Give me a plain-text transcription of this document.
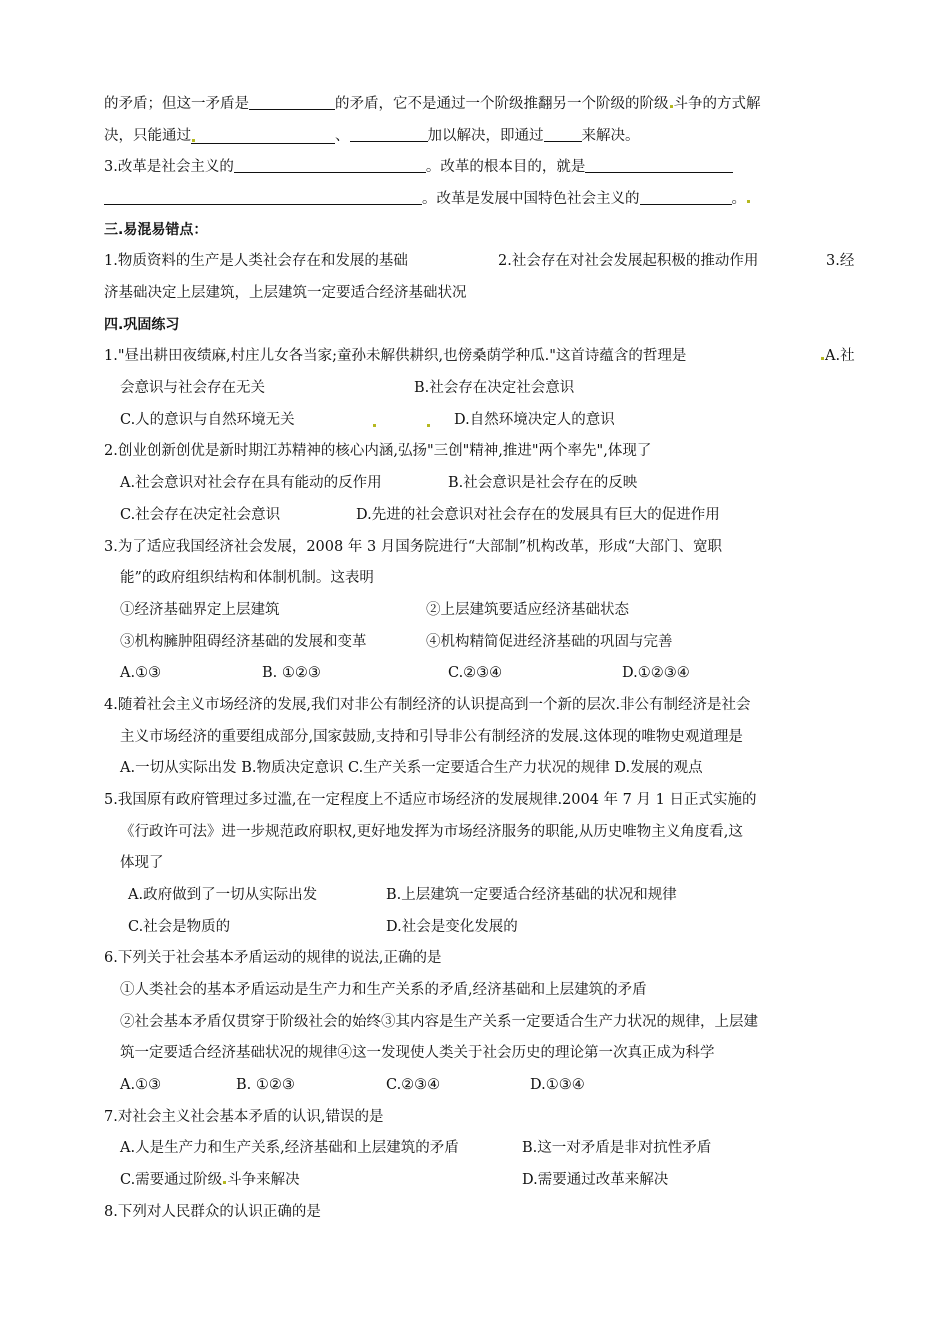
的矛盾；但这一矛盾是	的矛盾，它不是通过一个阶级推翻另一个阶级的阶级 斗争的方式解
决，只能通过	、	加以解决，即通过	来解决。
3.改革是社会主义的	。改革的根本目的，就是
。改革是发展中国特色社会主义的	。
三.易混易错点：
1.物质资料的生产是人类社会存在和发展的基础	2.社会存在对社会发展起积极的推动作用	3.经
济基础决定上层建筑，上层建筑一定要适合经济基础状况
四.巩固练习
1."昼出耕田夜绩麻,村庄儿女各当家;童孙未解供耕织,也傍桑荫学种瓜."这首诗蕴含的哲理是	A.社
会意识与社会存在无关	B.社会存在决定社会意识
C.人的意识与自然环境无关	D.自然环境决定人的意识
2.创业创新创优是新时期江苏精神的核心内涵,弘扬"三创"精神,推进"两个率先",体现了
A.社会意识对社会存在具有能动的反作用	B.社会意识是社会存在的反映
C.社会存在决定社会意识	D.先进的社会意识对社会存在的发展具有巨大的促进作用
3.为了适应我国经济社会发展，2008 年 3 月国务院进行“大部制”机构改革，形成“大部门、宽职
能”的政府组织结构和体制机制。这表明
①经济基础界定上层建筑	②上层建筑要适应经济基础状态
③机构臃肿阻碍经济基础的发展和变革	④机构精简促进经济基础的巩固与完善
A.①③	B. ①②③	C.②③④	D.①②③④
4.随着社会主义市场经济的发展,我们对非公有制经济的认识提高到一个新的层次.非公有制经济是社会
主义市场经济的重要组成部分,国家鼓励,支持和引导非公有制经济的发展.这体现的唯物史观道理是
A.一切从实际出发 B.物质决定意识 C.生产关系一定要适合生产力状况的规律 D.发展的观点
5.我国原有政府管理过多过滥,在一定程度上不适应市场经济的发展规律.2004 年 7 月 1 日正式实施的
《行政许可法》进一步规范政府职权,更好地发挥为市场经济服务的职能,从历史唯物主义角度看,这
体现了
A.政府做到了一切从实际出发	B.上层建筑一定要适合经济基础的状况和规律
C.社会是物质的	D.社会是变化发展的
6.下列关于社会基本矛盾运动的规律的说法,正确的是
①人类社会的基本矛盾运动是生产力和生产关系的矛盾,经济基础和上层建筑的矛盾
②社会基本矛盾仅贯穿于阶级社会的始终③其内容是生产关系一定要适合生产力状况的规律，上层建
筑一定要适合经济基础状况的规律④这一发现使人类关于社会历史的理论第一次真正成为科学
A.①③	B. ①②③	C.②③④	D.①③④
7.对社会主义社会基本矛盾的认识,错误的是
A.人是生产力和生产关系,经济基础和上层建筑的矛盾	B.这一对矛盾是非对抗性矛盾
C.需要通过阶级 斗争来解决	D.需要通过改革来解决
8.下列对人民群众的认识正确的是
